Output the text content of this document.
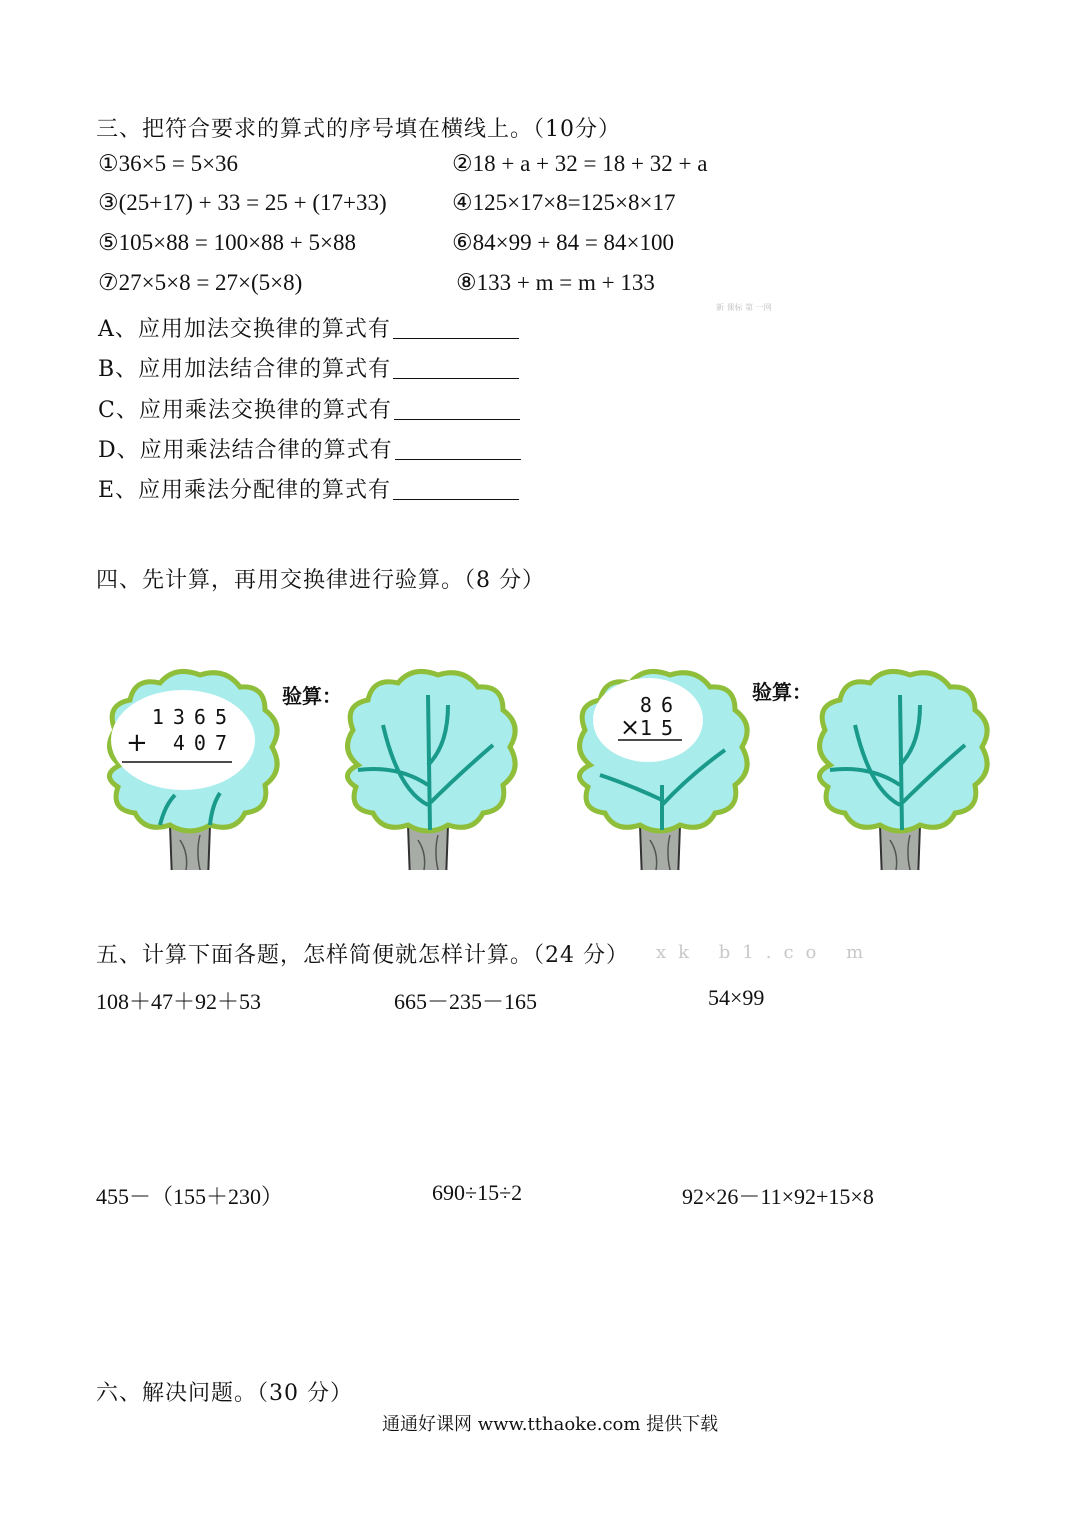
三、把符合要求的算式的序号填在横线上。（10分）
①36×5 = 5×36	②18 + a + 32 = 18 + 32 + a
③(25+17) + 33 = 25 + (17+33)	④125×17×8=125×8×17
⑤105×88 = 100×88 + 5×88	⑥84×99 + 84 = 84×100
⑦27×5×8 = 27×(5×8)	⑧133 + m = m + 133
新 课标 第 一网
A、应用加法交换律的算式有
B、应用加法结合律的算式有
C、应用乘法交换律的算式有
D、应用乘法结合律的算式有
E、应用乘法分配律的算式有
四、先计算，再用交换律进行验算。（8 分）
验算：	验算：
1365
+	407
86
× 15
五、计算下面各题，怎样简便就怎样计算。（24 分） xk b1.co m
108＋47＋92＋53	665－235－165	54×99
455－（155＋230）	690÷15÷2	92×26－11×92+15×8
六、解决问题。（30 分）
通通好课网 www.tthaoke.com 提供下载
